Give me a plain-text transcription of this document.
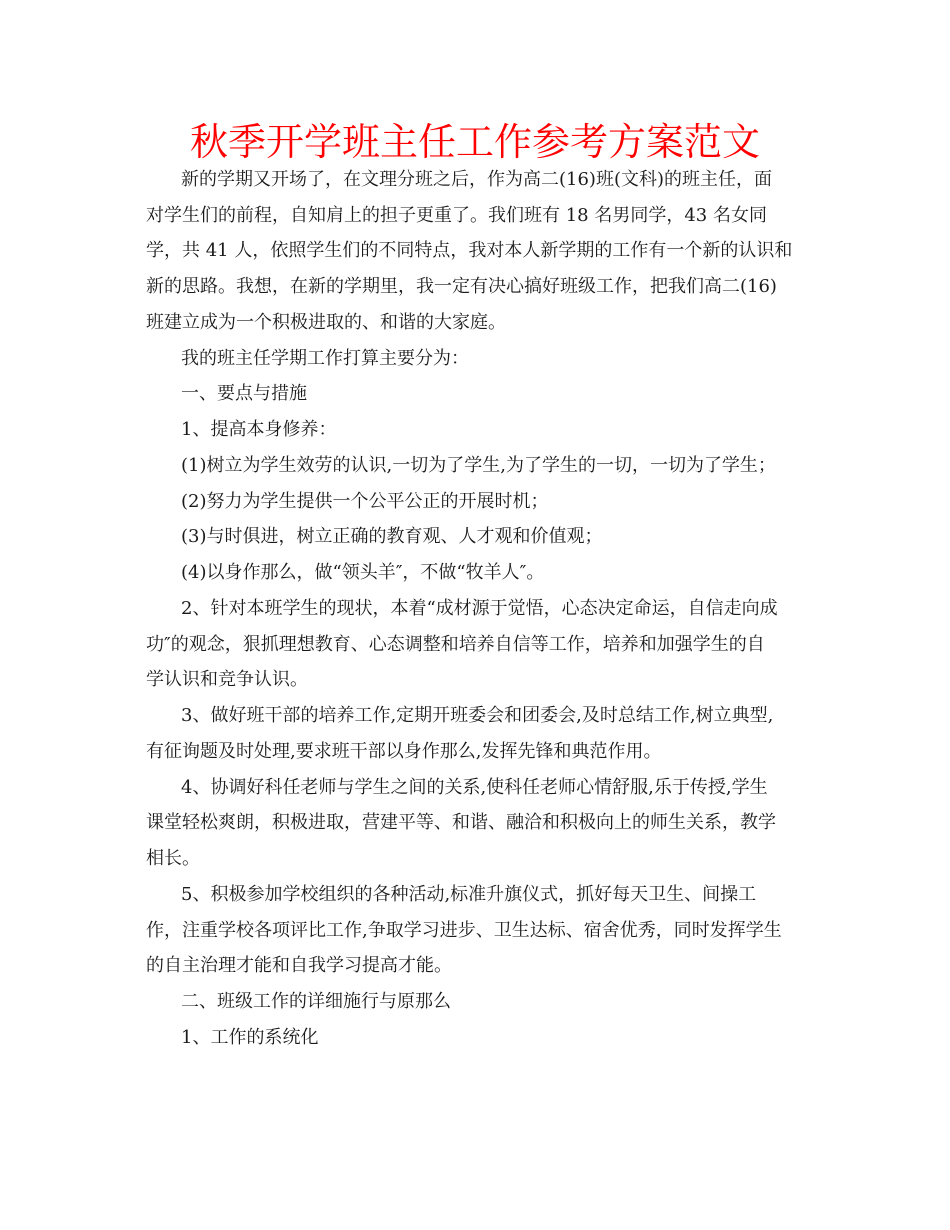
秋季开学班主任工作参考方案范文
新的学期又开场了，在文理分班之后，作为高二(16)班(文科)的班主任，面
对学生们的前程，自知肩上的担子更重了。我们班有 18 名男同学，43 名女同
学，共 41 人，依照学生们的不同特点，我对本人新学期的工作有一个新的认识和
新的思路。我想，在新的学期里，我一定有决心搞好班级工作，把我们高二(16)
班建立成为一个积极进取的、和谐的大家庭。
我的班主任学期工作打算主要分为：
一、要点与措施
1、提高本身修养：
(1)树立为学生效劳的认识,一切为了学生,为了学生的一切，一切为了学生；
(2)努力为学生提供一个公平公正的开展时机；
(3)与时俱进，树立正确的教育观、人才观和价值观；
(4)以身作那么，做“领头羊″，不做“牧羊人″。
2、针对本班学生的现状，本着“成材源于觉悟，心态决定命运，自信走向成
功″的观念，狠抓理想教育、心态调整和培养自信等工作，培养和加强学生的自
学认识和竞争认识。
3、做好班干部的培养工作,定期开班委会和团委会,及时总结工作,树立典型,
有征询题及时处理,要求班干部以身作那么,发挥先锋和典范作用。
4、协调好科任老师与学生之间的关系,使科任老师心情舒服,乐于传授,学生
课堂轻松爽朗，积极进取，营建平等、和谐、融洽和积极向上的师生关系，教学
相长。
5、积极参加学校组织的各种活动,标准升旗仪式，抓好每天卫生、间操工
作，注重学校各项评比工作,争取学习进步、卫生达标、宿舍优秀，同时发挥学生
的自主治理才能和自我学习提高才能。
二、班级工作的详细施行与原那么
1、工作的系统化
